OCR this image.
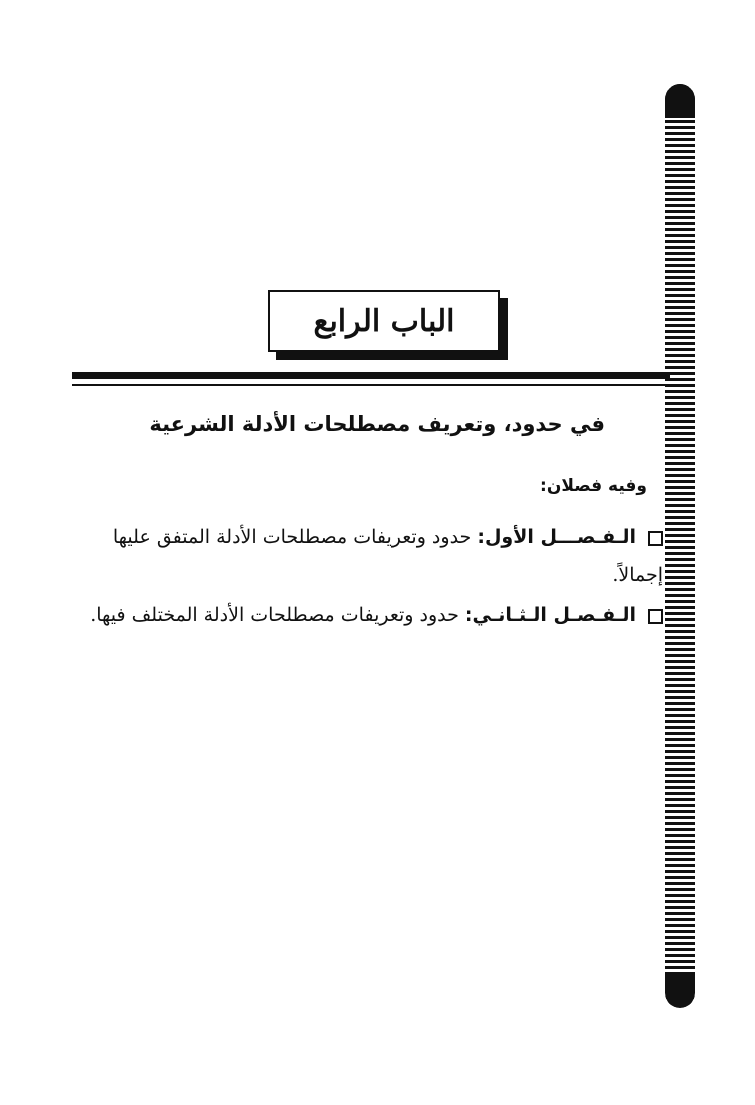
الباب الرابع
في حدود، وتعريف مصطلحات الأدلة الشرعية
وفيه فصلان:
الـفـصـــل الأول: حدود وتعريفات مصطلحات الأدلة المتفق عليها إجمالاً.
الـفـصـل الـثـانـي: حدود وتعريفات مصطلحات الأدلة المختلف فيها.
